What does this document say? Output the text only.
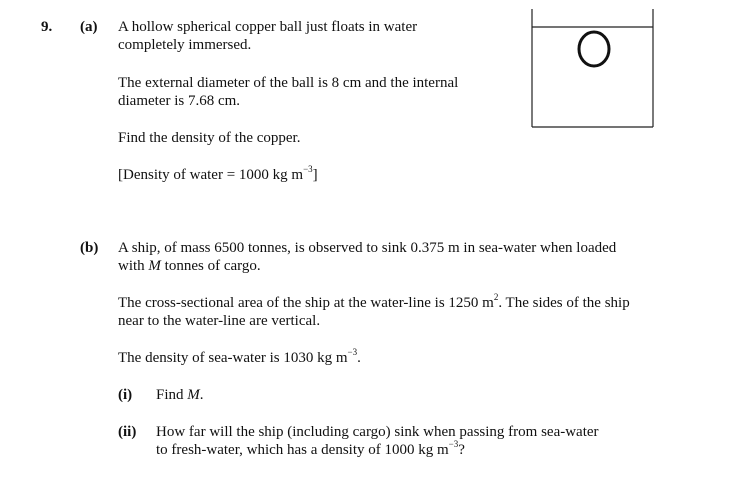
9. (a) A hollow spherical copper ball just floats in water
completely immersed.
The external diameter of the ball is 8 cm and the internal
diameter is 7.68 cm.
Find the density of the copper.
[Density of water = 1000 kg $m^{-3}$]
(b) A ship, of mass 6500 tonnes, is observed to sink 0.375 m in sea-water when loaded
with M tonnes of cargo.
The cross-sectional area of the ship at the water-line is 1250 $m^2$. The sides of the ship
near to the water-line are vertical.
The density of sea-water is 1030 kg $m^{-3}$.
(i) Find M.
(ii) How far will the ship (including cargo) sink when passing from sea-water
to fresh-water, which has a density of 1000 kg $m^{-3}$?
